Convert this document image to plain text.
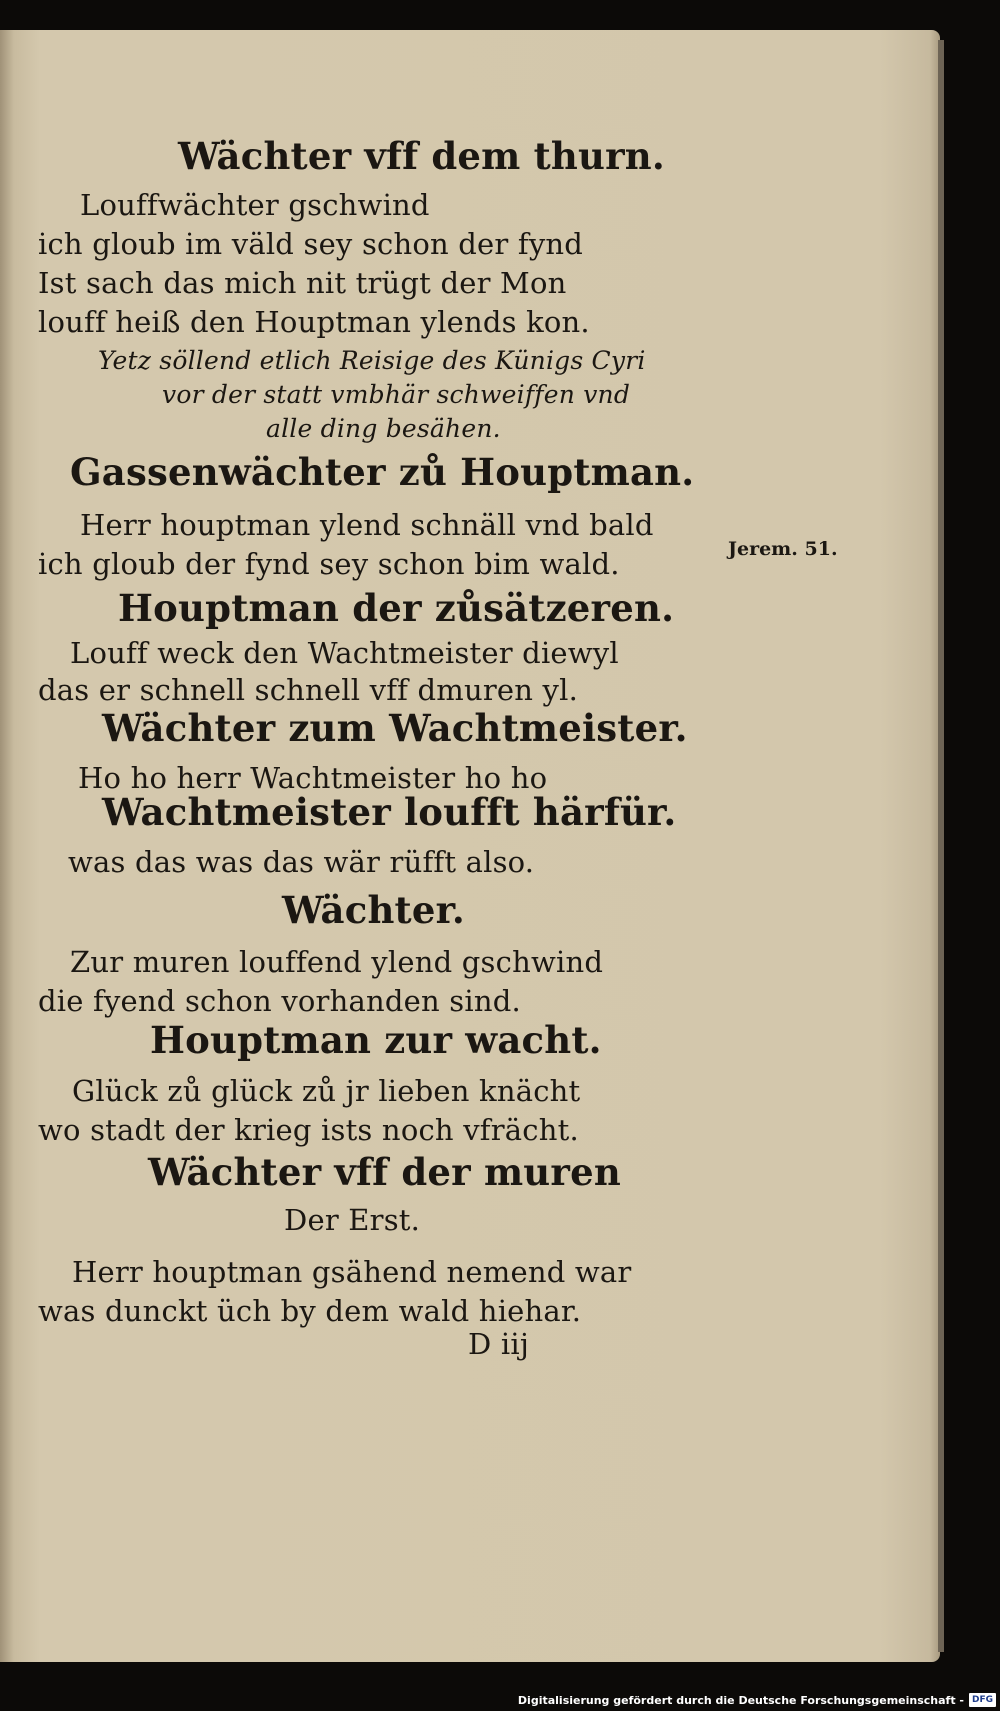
Wächter vff dem thurn.
Louffwächter gschwind
ich gloub im väld sey schon der fynd
Ist sach das mich nit trügt der Mon
louff heiß den Houptman ylends kon.
Yetz söllend etlich Reisige des Künigs Cyri
vor der statt vmbhär schweiffen vnd
alle ding besähen.
Gassenwächter zů Houptman.
Herr houptman ylend schnäll vnd bald
ich gloub der fynd sey schon bim wald.
Houptman der zůsätzeren.
Louff weck den Wachtmeister diewyl
das er schnell schnell vff dmuren yl.
Wächter zum Wachtmeister.
Ho ho herr Wachtmeister ho ho
Wachtmeister loufft härfür.
was das was das wär rüfft also.
Wächter.
Zur muren louffend ylend gschwind
die fyend schon vorhanden sind.
Houptman zur wacht.
Glück zů glück zů jr lieben knächt
wo stadt der krieg ists noch vfrächt.
Wächter vff der muren
Der Erst.
Herr houptman gsähend nemend war
was dunckt üch by dem wald hiehar.
D iij
Jerem. 51.
Digitalisierung gefördert durch die Deutsche Forschungsgemeinschaft - DFG
